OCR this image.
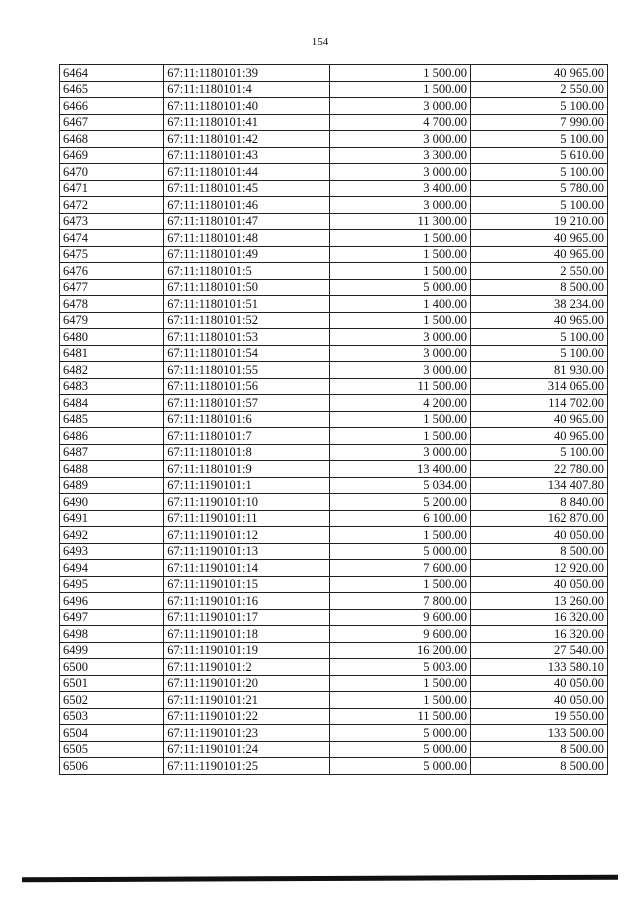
154
6464	67:11:1180101:39	1 500.00	40 965.00
6465	67:11:1180101:4	1 500.00	2 550.00
6466	67:11:1180101:40	3 000.00	5 100.00
6467	67:11:1180101:41	4 700.00	7 990.00
6468	67:11:1180101:42	3 000.00	5 100.00
6469	67:11:1180101:43	3 300.00	5 610.00
6470	67:11:1180101:44	3 000.00	5 100.00
6471	67:11:1180101:45	3 400.00	5 780.00
6472	67:11:1180101:46	3 000.00	5 100.00
6473	67:11:1180101:47	11 300.00	19 210.00
6474	67:11:1180101:48	1 500.00	40 965.00
6475	67:11:1180101:49	1 500.00	40 965.00
6476	67:11:1180101:5	1 500.00	2 550.00
6477	67:11:1180101:50	5 000.00	8 500.00
6478	67:11:1180101:51	1 400.00	38 234.00
6479	67:11:1180101:52	1 500.00	40 965.00
6480	67:11:1180101:53	3 000.00	5 100.00
6481	67:11:1180101:54	3 000.00	5 100.00
6482	67:11:1180101:55	3 000.00	81 930.00
6483	67:11:1180101:56	11 500.00	314 065.00
6484	67:11:1180101:57	4 200.00	114 702.00
6485	67:11:1180101:6	1 500.00	40 965.00
6486	67:11:1180101:7	1 500.00	40 965.00
6487	67:11:1180101:8	3 000.00	5 100.00
6488	67:11:1180101:9	13 400.00	22 780.00
6489	67:11:1190101:1	5 034.00	134 407.80
6490	67:11:1190101:10	5 200.00	8 840.00
6491	67:11:1190101:11	6 100.00	162 870.00
6492	67:11:1190101:12	1 500.00	40 050.00
6493	67:11:1190101:13	5 000.00	8 500.00
6494	67:11:1190101:14	7 600.00	12 920.00
6495	67:11:1190101:15	1 500.00	40 050.00
6496	67:11:1190101:16	7 800.00	13 260.00
6497	67:11:1190101:17	9 600.00	16 320.00
6498	67:11:1190101:18	9 600.00	16 320.00
6499	67:11:1190101:19	16 200.00	27 540.00
6500	67:11:1190101:2	5 003.00	133 580.10
6501	67:11:1190101:20	1 500.00	40 050.00
6502	67:11:1190101:21	1 500.00	40 050.00
6503	67:11:1190101:22	11 500.00	19 550.00
6504	67:11:1190101:23	5 000.00	133 500.00
6505	67:11:1190101:24	5 000.00	8 500.00
6506	67:11:1190101:25	5 000.00	8 500.00
